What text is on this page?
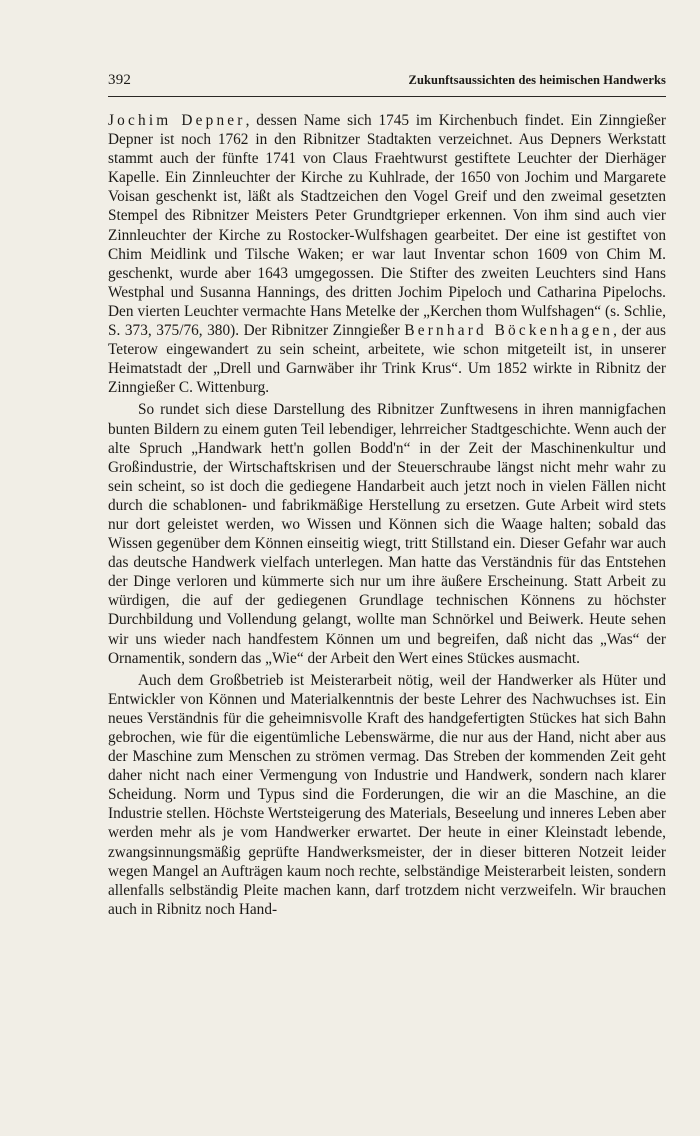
392	Zukunftsaussichten des heimischen Handwerks

Jochim Depner, dessen Name sich 1745 im Kirchenbuch findet. Ein Zinngießer Depner ist noch 1762 in den Ribnitzer Stadtakten verzeichnet. Aus Depners Werkstatt stammt auch der fünfte 1741 von Claus Fraehtwurst gestiftete Leuchter der Dierhäger Kapelle. Ein Zinnleuchter der Kirche zu Kuhlrade, der 1650 von Jochim und Margarete Voisan geschenkt ist, läßt als Stadtzeichen den Vogel Greif und den zweimal gesetzten Stempel des Ribnitzer Meisters Peter Grundtgrieper erkennen. Von ihm sind auch vier Zinnleuchter der Kirche zu Rostocker-Wulfshagen gearbeitet. Der eine ist gestiftet von Chim Meidlink und Tilsche Waken; er war laut Inventar schon 1609 von Chim M. geschenkt, wurde aber 1643 umgegossen. Die Stifter des zweiten Leuchters sind Hans Westphal und Susanna Hannings, des dritten Jochim Pipeloch und Catharina Pipelochs. Den vierten Leuchter vermachte Hans Metelke der „Kerchen thom Wulfshagen“ (s. Schlie, S. 373, 375/76, 380). Der Ribnitzer Zinngießer Bernhard Böckenhagen, der aus Teterow eingewandert zu sein scheint, arbeitete, wie schon mitgeteilt ist, in unserer Heimatstadt der „Drell und Garnwäber ihr Trink Krus“. Um 1852 wirkte in Ribnitz der Zinngießer C. Wittenburg.

So rundet sich diese Darstellung des Ribnitzer Zunftwesens in ihren mannigfachen bunten Bildern zu einem guten Teil lebendiger, lehrreicher Stadtgeschichte. Wenn auch der alte Spruch „Handwark hett'n gollen Bodd'n“ in der Zeit der Maschinenkultur und Großindustrie, der Wirtschaftskrisen und der Steuerschraube längst nicht mehr wahr zu sein scheint, so ist doch die gediegene Handarbeit auch jetzt noch in vielen Fällen nicht durch die schablonen- und fabrikmäßige Herstellung zu ersetzen. Gute Arbeit wird stets nur dort geleistet werden, wo Wissen und Können sich die Waage halten; sobald das Wissen gegenüber dem Können einseitig wiegt, tritt Stillstand ein. Dieser Gefahr war auch das deutsche Handwerk vielfach unterlegen. Man hatte das Verständnis für das Entstehen der Dinge verloren und kümmerte sich nur um ihre äußere Erscheinung. Statt Arbeit zu würdigen, die auf der gediegenen Grundlage technischen Könnens zu höchster Durchbildung und Vollendung gelangt, wollte man Schnörkel und Beiwerk. Heute sehen wir uns wieder nach handfestem Können um und begreifen, daß nicht das „Was“ der Ornamentik, sondern das „Wie“ der Arbeit den Wert eines Stückes ausmacht.

Auch dem Großbetrieb ist Meisterarbeit nötig, weil der Handwerker als Hüter und Entwickler von Können und Materialkenntnis der beste Lehrer des Nachwuchses ist. Ein neues Verständnis für die geheimnisvolle Kraft des handgefertigten Stückes hat sich Bahn gebrochen, wie für die eigentümliche Lebenswärme, die nur aus der Hand, nicht aber aus der Maschine zum Menschen zu strömen vermag. Das Streben der kommenden Zeit geht daher nicht nach einer Vermengung von Industrie und Handwerk, sondern nach klarer Scheidung. Norm und Typus sind die Forderungen, die wir an die Maschine, an die Industrie stellen. Höchste Wertsteigerung des Materials, Beseelung und inneres Leben aber werden mehr als je vom Handwerker erwartet. Der heute in einer Kleinstadt lebende, zwangsinnungsmäßig geprüfte Handwerksmeister, der in dieser bitteren Notzeit leider wegen Mangel an Aufträgen kaum noch rechte, selbständige Meisterarbeit leisten, sondern allenfalls selbständig Pleite machen kann, darf trotzdem nicht verzweifeln. Wir brauchen auch in Ribnitz noch Hand-
